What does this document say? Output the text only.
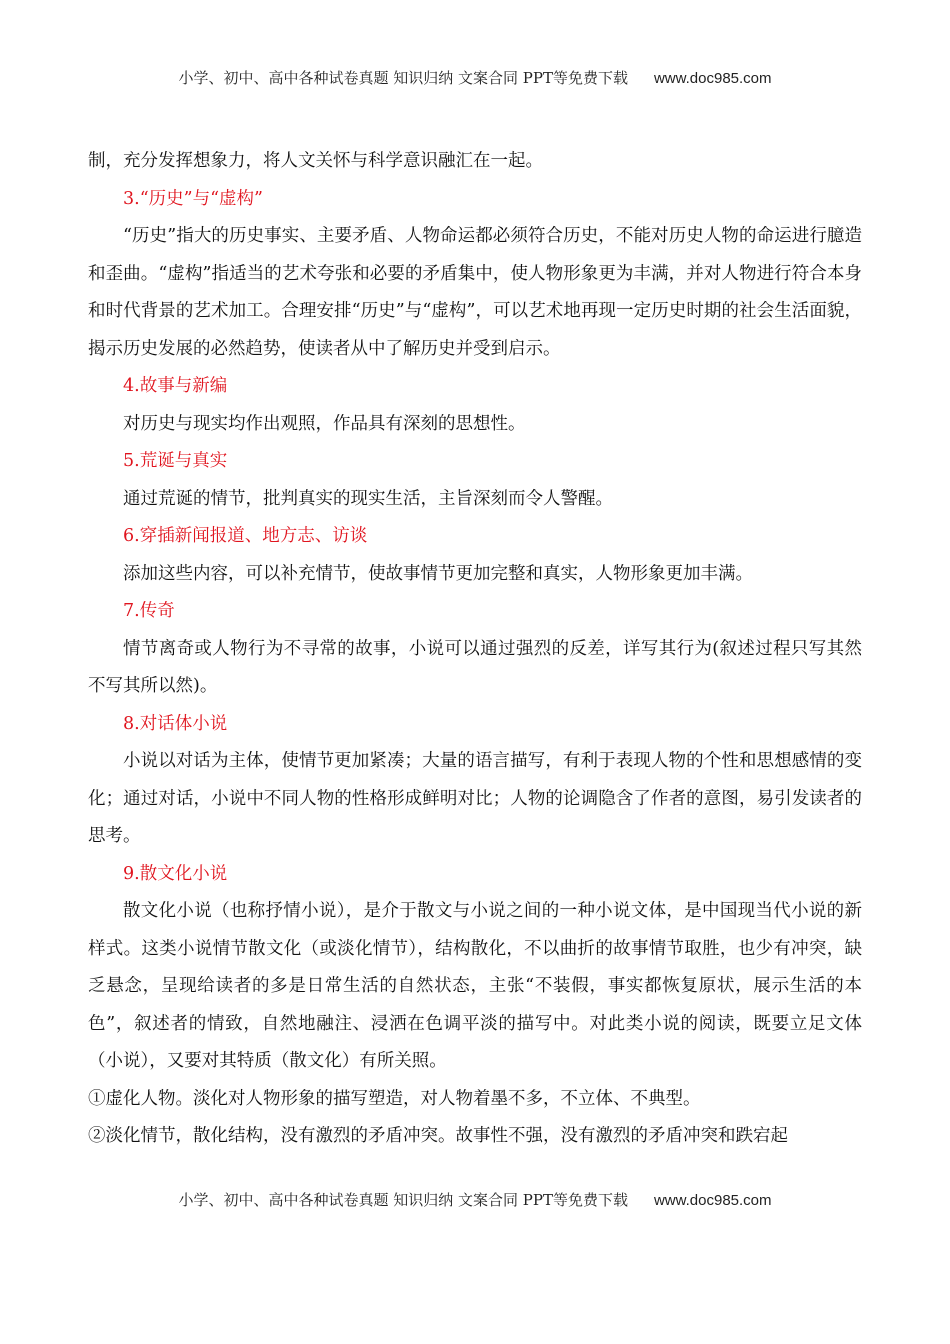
小学、初中、高中各种试卷真题 知识归纳 文案合同 PPT等免费下载 www.doc985.com

制，充分发挥想象力，将人文关怀与科学意识融汇在一起。

3.“历史”与“虚构”

“历史”指大的历史事实、主要矛盾、人物命运都必须符合历史，不能对历史人物的命运进行臆造和歪曲。“虚构”指适当的艺术夸张和必要的矛盾集中，使人物形象更为丰满，并对人物进行符合本身和时代背景的艺术加工。合理安排“历史”与“虚构”，可以艺术地再现一定历史时期的社会生活面貌，揭示历史发展的必然趋势，使读者从中了解历史并受到启示。

4.故事与新编

对历史与现实均作出观照，作品具有深刻的思想性。

5.荒诞与真实

通过荒诞的情节，批判真实的现实生活，主旨深刻而令人警醒。

6.穿插新闻报道、地方志、访谈

添加这些内容，可以补充情节，使故事情节更加完整和真实，人物形象更加丰满。

7.传奇

情节离奇或人物行为不寻常的故事，小说可以通过强烈的反差，详写其行为(叙述过程只写其然不写其所以然)。

8.对话体小说

小说以对话为主体，使情节更加紧凑；大量的语言描写，有利于表现人物的个性和思想感情的变化；通过对话，小说中不同人物的性格形成鲜明对比；人物的论调隐含了作者的意图，易引发读者的思考。

9.散文化小说

散文化小说（也称抒情小说），是介于散文与小说之间的一种小说文体，是中国现当代小说的新样式。这类小说情节散文化（或淡化情节），结构散化，不以曲折的故事情节取胜，也少有冲突，缺乏悬念，呈现给读者的多是日常生活的自然状态，主张“不装假，事实都恢复原状，展示生活的本色”，叙述者的情致，自然地融注、浸洒在色调平淡的描写中。对此类小说的阅读，既要立足文体（小说），又要对其特质（散文化）有所关照。

①虚化人物。淡化对人物形象的描写塑造，对人物着墨不多，不立体、不典型。

②淡化情节，散化结构，没有激烈的矛盾冲突。故事性不强，没有激烈的矛盾冲突和跌宕起

小学、初中、高中各种试卷真题 知识归纳 文案合同 PPT等免费下载 www.doc985.com
